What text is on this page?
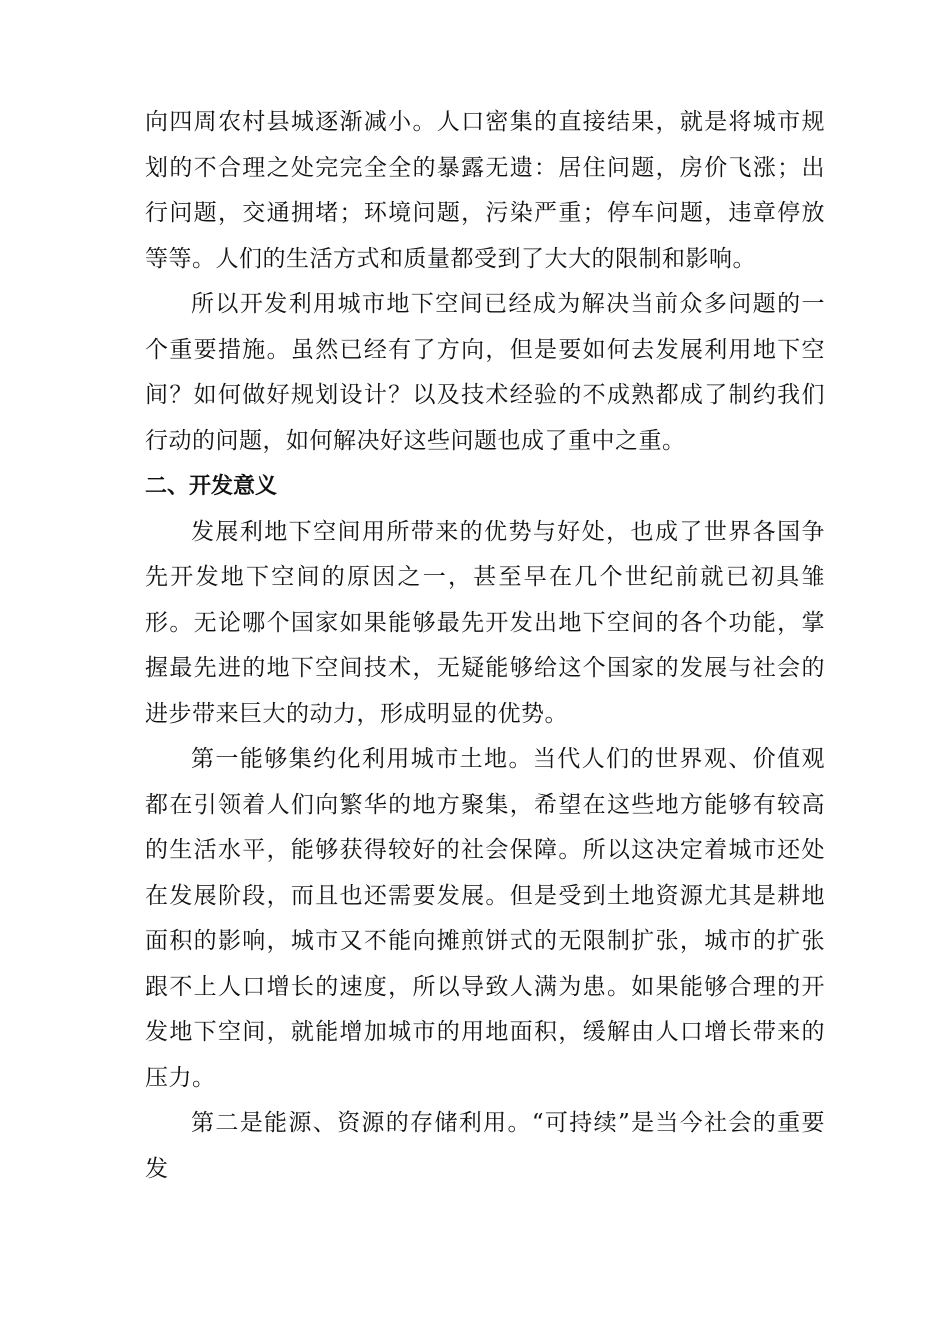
向四周农村县城逐渐减小。人口密集的直接结果，就是将城市规划的不合理之处完完全全的暴露无遗：居住问题，房价飞涨；出行问题，交通拥堵；环境问题，污染严重；停车问题，违章停放等等。人们的生活方式和质量都受到了大大的限制和影响。

所以开发利用城市地下空间已经成为解决当前众多问题的一个重要措施。虽然已经有了方向，但是要如何去发展利用地下空间？如何做好规划设计？以及技术经验的不成熟都成了制约我们行动的问题，如何解决好这些问题也成了重中之重。

二、开发意义

发展利地下空间用所带来的优势与好处，也成了世界各国争先开发地下空间的原因之一，甚至早在几个世纪前就已初具雏形。无论哪个国家如果能够最先开发出地下空间的各个功能，掌握最先进的地下空间技术，无疑能够给这个国家的发展与社会的进步带来巨大的动力，形成明显的优势。

第一能够集约化利用城市土地。当代人们的世界观、价值观都在引领着人们向繁华的地方聚集，希望在这些地方能够有较高的生活水平，能够获得较好的社会保障。所以这决定着城市还处在发展阶段，而且也还需要发展。但是受到土地资源尤其是耕地面积的影响，城市又不能向摊煎饼式的无限制扩张，城市的扩张跟不上人口增长的速度，所以导致人满为患。如果能够合理的开发地下空间，就能增加城市的用地面积，缓解由人口增长带来的压力。

第二是能源、资源的存储利用。“可持续”是当今社会的重要发
